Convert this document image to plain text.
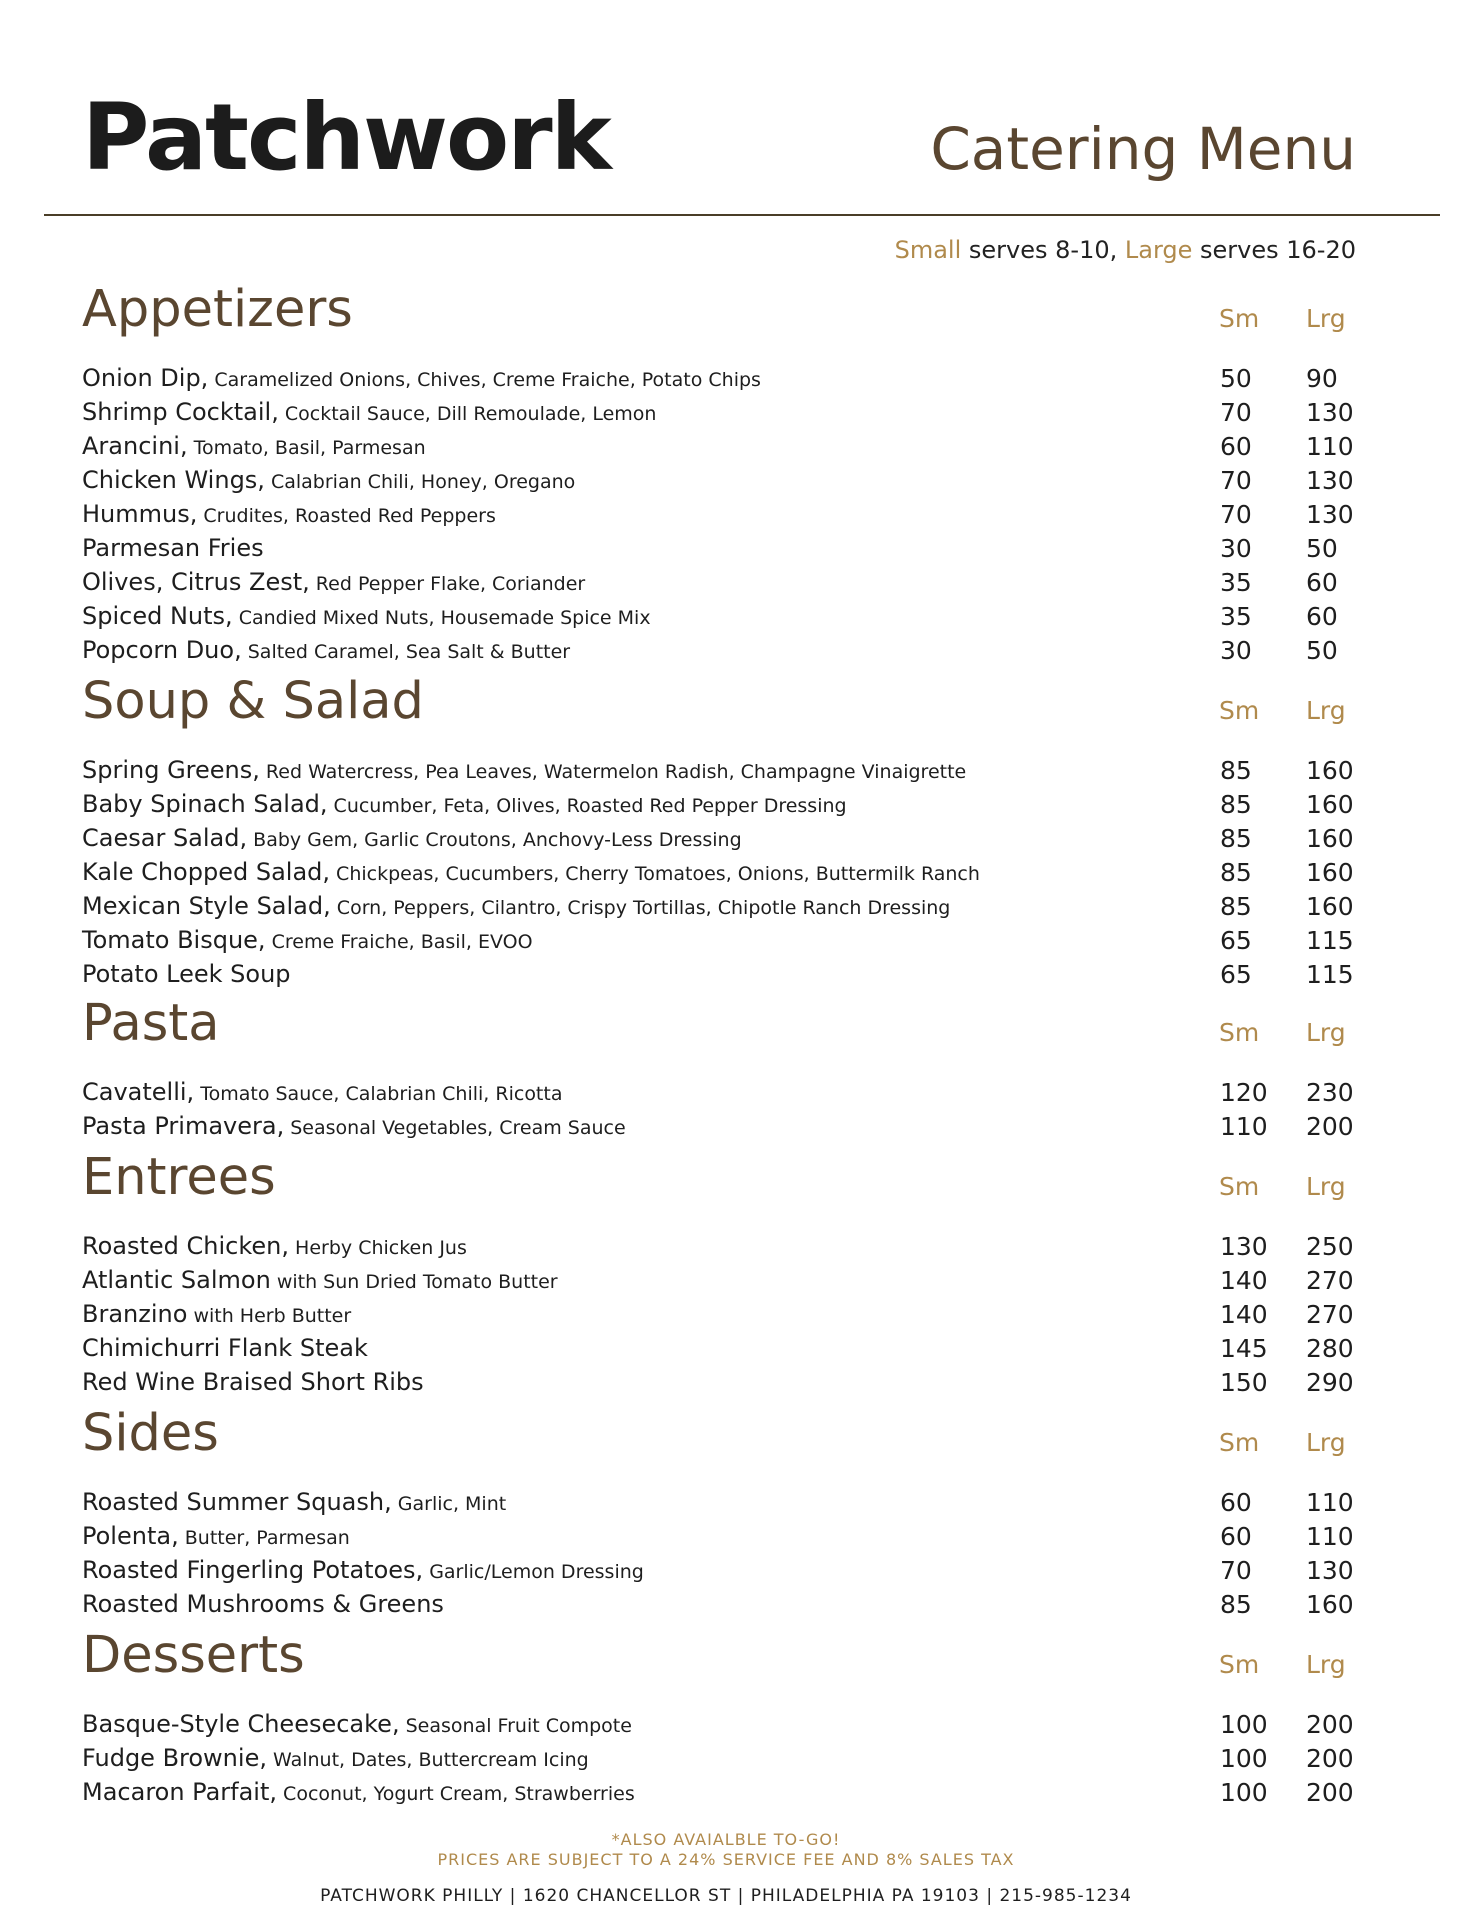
Patchwork	Catering Menu
Small serves 8-10, Large serves 16-20
Appetizers	Sm Lrg
Onion Dip, Caramelized Onions, Chives, Creme Fraiche, Potato Chips	50 90
Shrimp Cocktail, Cocktail Sauce, Dill Remoulade, Lemon	70 130
Arancini, Tomato, Basil, Parmesan	60 110
Chicken Wings, Calabrian Chili, Honey, Oregano	70 130
Hummus, Crudites, Roasted Red Peppers	70 130
Parmesan Fries	30 50
Olives, Citrus Zest, Red Pepper Flake, Coriander	35 60
Spiced Nuts, Candied Mixed Nuts, Housemade Spice Mix	35 60
Popcorn Duo, Salted Caramel, Sea Salt & Butter	30 50
Soup & Salad	Sm Lrg
Spring Greens, Red Watercress, Pea Leaves, Watermelon Radish, Champagne Vinaigrette	85 160
Baby Spinach Salad, Cucumber, Feta, Olives, Roasted Red Pepper Dressing	85 160
Caesar Salad, Baby Gem, Garlic Croutons, Anchovy-Less Dressing	85 160
Kale Chopped Salad, Chickpeas, Cucumbers, Cherry Tomatoes, Onions, Buttermilk Ranch	85 160
Mexican Style Salad, Corn, Peppers, Cilantro, Crispy Tortillas, Chipotle Ranch Dressing	85 160
Tomato Bisque, Creme Fraiche, Basil, EVOO	65 115
Potato Leek Soup	65 115
Pasta	Sm Lrg
Cavatelli, Tomato Sauce, Calabrian Chili, Ricotta	120 230
Pasta Primavera, Seasonal Vegetables, Cream Sauce	110 200
Entrees	Sm Lrg
Roasted Chicken, Herby Chicken Jus	130 250
Atlantic Salmon with Sun Dried Tomato Butter	140 270
Branzino with Herb Butter	140 270
Chimichurri Flank Steak	145 280
Red Wine Braised Short Ribs	150 290
Sides	Sm Lrg
Roasted Summer Squash, Garlic, Mint	60 110
Polenta, Butter, Parmesan	60 110
Roasted Fingerling Potatoes, Garlic/Lemon Dressing	70 130
Roasted Mushrooms & Greens	85 160
Desserts	Sm Lrg
Basque-Style Cheesecake, Seasonal Fruit Compote	100 200
Fudge Brownie, Walnut, Dates, Buttercream Icing	100 200
Macaron Parfait, Coconut, Yogurt Cream, Strawberries	100 200
*ALSO AVAIALBLE TO-GO!
PRICES ARE SUBJECT TO A 24% SERVICE FEE AND 8% SALES TAX
PATCHWORK PHILLY | 1620 CHANCELLOR ST | PHILADELPHIA PA 19103 | 215-985-1234
